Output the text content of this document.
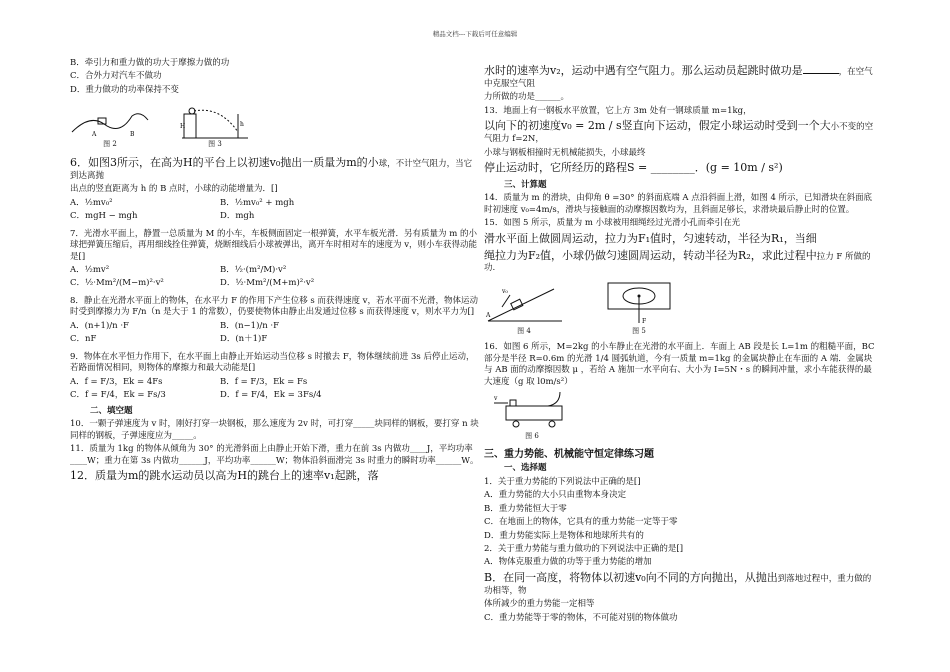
精品文档---下载后可任意编辑

B．牵引力和重力做的功大于摩擦力做的功

C．合外力对汽车不做功

D．重力做功的功率保持不变

A	B
图 2
H	h
图 3

6．如图3所示，在高为H的平台上以初速v₀抛出一质量为m的小球，不计空气阻力，当它到达离抛

出点的竖直距离为 h 的 B 点时，小球的动能增量为．[]

A．½mv₀²	B．½mv₀² + mgh
C．mgH − mgh	D．mgh

7．光滑水平面上，静置一总质量为 M 的小车，车板侧面固定一根弹簧，水平车板光滑．另有质量为 m 的小球把弹簧压缩后，再用细线拴住弹簧，烧断细线后小球被弹出，离开车时相对车的速度为 v，则小车获得动能是[]

A．½mv²	B．½·(m²/M)·v²
C．½·Mm²/(M−m)²·v²	D．½·Mm²/(M+m)²·v²

8．静止在光滑水平面上的物体，在水平力 F 的作用下产生位移 s 而获得速度 v，若水平面不光滑，物体运动时受到摩擦力为 F/n（n 是大于 1 的常数），仍要使物体由静止出发通过位移 s 而获得速度 v，则水平力为[]

A．(n+1)/n ·F	B．(n−1)/n ·F
C．nF	D．(n＋1)F

9．物体在水平恒力作用下，在水平面上由静止开始运动当位移 s 时撤去 F，物体继续前进 3s 后停止运动，若路面情况相同，则物体的摩擦力和最大动能是[]

A．f = F/3，Ek = 4Fs	B．f = F/3，Ek = Fs
C．f = F/4，Ek = Fs/3	D．f = F/4，Ek = 3Fs/4

二、填空题

10．一颗子弹速度为 v 时，刚好打穿一块钢板，那么速度为 2v 时，可打穿_____块同样的钢板，要打穿 n 块同样的钢板，子弹速度应为_____。

11．质量为 1kg 的物体从倾角为 30° 的光滑斜面上由静止开始下滑，重力在前 3s 内做功____J，平均功率____W；重力在第 3s 内做功______J，平均功率______W；物体沿斜面滑完 3s 时重力的瞬时功率______W。

12．质量为m的跳水运动员以高为H的跳台上的速率v₁起跳，落

水时的速率为v₂，运动中遇有空气阻力。那么运动员起跳时做功是	，在空气中克服空气阻

力所做的功是______。

13．地面上有一钢板水平放置，它上方 3m 处有一钢球质量 m=1kg，

以向下的初速度v₀ = 2m / s竖直向下运动，假定小球运动时受到一个大小不变的空气阻力 f=2N，

小球与钢板相撞时无机械能损失，小球最终

停止运动时，它所经历的路程S = ________．(g = 10m / s²)

三、计算题

14．质量为 m 的滑块，由仰角 θ =30° 的斜面底端 A 点沿斜面上滑，如图 4 所示，已知滑块在斜面底时初速度 v₀=4m/s，滑块与接触面的动摩擦因数均为，且斜面足够长，求滑块最后静止时的位置。

15．如图 5 所示，质量为 m 小球被用细绳经过光滑小孔而牵引在光

滑水平面上做圆周运动，拉力为F₁值时，匀速转动，半径为R₁，当细

绳拉力为F₂值，小球仍做匀速圆周运动，转动半径为R₂，求此过程中拉力 F 所做的功.

A
v₀
图 4
F
图 5

16．如图 6 所示，M=2kg 的小车静止在光滑的水平面上．车面上 AB 段是长 L=1m 的粗糙平面，BC 部分是半径 R=0.6m 的光滑 1/4 圆弧轨道，今有一质量 m=1kg 的金属块静止在车面的 A 端．金属块与 AB 面的动摩擦因数 μ ，若给 A 施加一水平向右、大小为 I=5N・s 的瞬间冲量，求小车能获得的最大速度（g 取 l0m/s²）

v
图 6

三、重力势能、机械能守恒定律练习题

一、选择题

1．关于重力势能的下列说法中正确的是[]

A．重力势能的大小只由重物本身决定

B．重力势能恒大于零

C．在地面上的物体，它具有的重力势能一定等于零

D．重力势能实际上是物体和地球所共有的

2．关于重力势能与重力做功的下列说法中正确的是[]

A．物体克服重力做的功等于重力势能的增加

B．在同一高度，将物体以初速v₀向不同的方向抛出，从抛出到落地过程中，重力做的功相等，物

体所减少的重力势能一定相等

C．重力势能等于零的物体，不可能对别的物体做功
